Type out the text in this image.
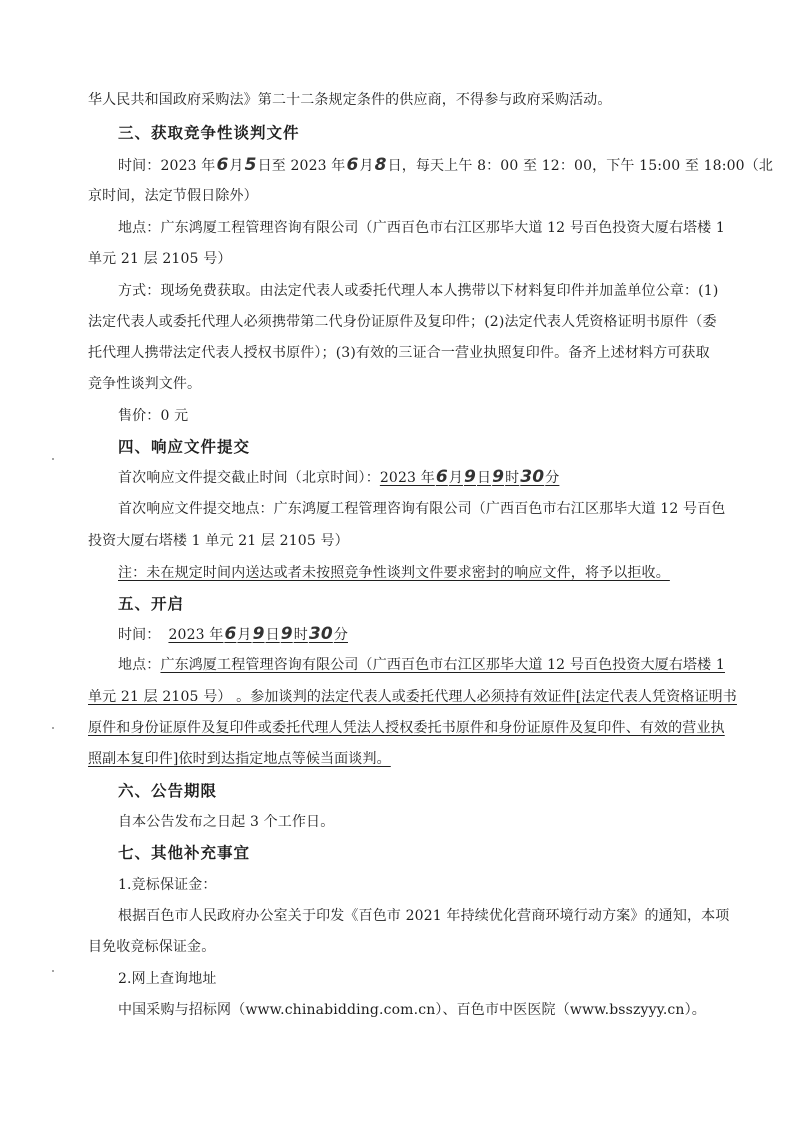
华人民共和国政府采购法》第二十二条规定条件的供应商，不得参与政府采购活动。
三、获取竞争性谈判文件
时间：2023 年6月5日至 2023 年6月8日，每天上午 8：00 至 12：00，下午 15:00 至 18:00（北
京时间，法定节假日除外）
地点：广东鸿厦工程管理咨询有限公司（广西百色市右江区那毕大道 12 号百色投资大厦右塔楼 1
单元 21 层 2105 号）
方式：现场免费获取。由法定代表人或委托代理人本人携带以下材料复印件并加盖单位公章：(1)
法定代表人或委托代理人必须携带第二代身份证原件及复印件；(2)法定代表人凭资格证明书原件（委
托代理人携带法定代表人授权书原件）；(3)有效的三证合一营业执照复印件。备齐上述材料方可获取
竞争性谈判文件。
售价：0 元
四、响应文件提交
首次响应文件提交截止时间（北京时间）：2023 年6月9日9时30分
首次响应文件提交地点：广东鸿厦工程管理咨询有限公司（广西百色市右江区那毕大道 12 号百色
投资大厦右塔楼 1 单元 21 层 2105 号）
注：未在规定时间内送达或者未按照竞争性谈判文件要求密封的响应文件，将予以拒收。
五、开启
时间： 2023 年6月9日9时30分
地点：广东鸿厦工程管理咨询有限公司（广西百色市右江区那毕大道 12 号百色投资大厦右塔楼 1
单元 21 层 2105 号） 。参加谈判的法定代表人或委托代理人必须持有效证件[法定代表人凭资格证明书
原件和身份证原件及复印件或委托代理人凭法人授权委托书原件和身份证原件及复印件、有效的营业执
照副本复印件]依时到达指定地点等候当面谈判。
六、公告期限
自本公告发布之日起 3 个工作日。
七、其他补充事宜
1.竞标保证金：
根据百色市人民政府办公室关于印发《百色市 2021 年持续优化营商环境行动方案》的通知，本项
目免收竞标保证金。
2.网上查询地址
中国采购与招标网（www.chinabidding.com.cn）、百色市中医医院（www.bsszyyy.cn）。
